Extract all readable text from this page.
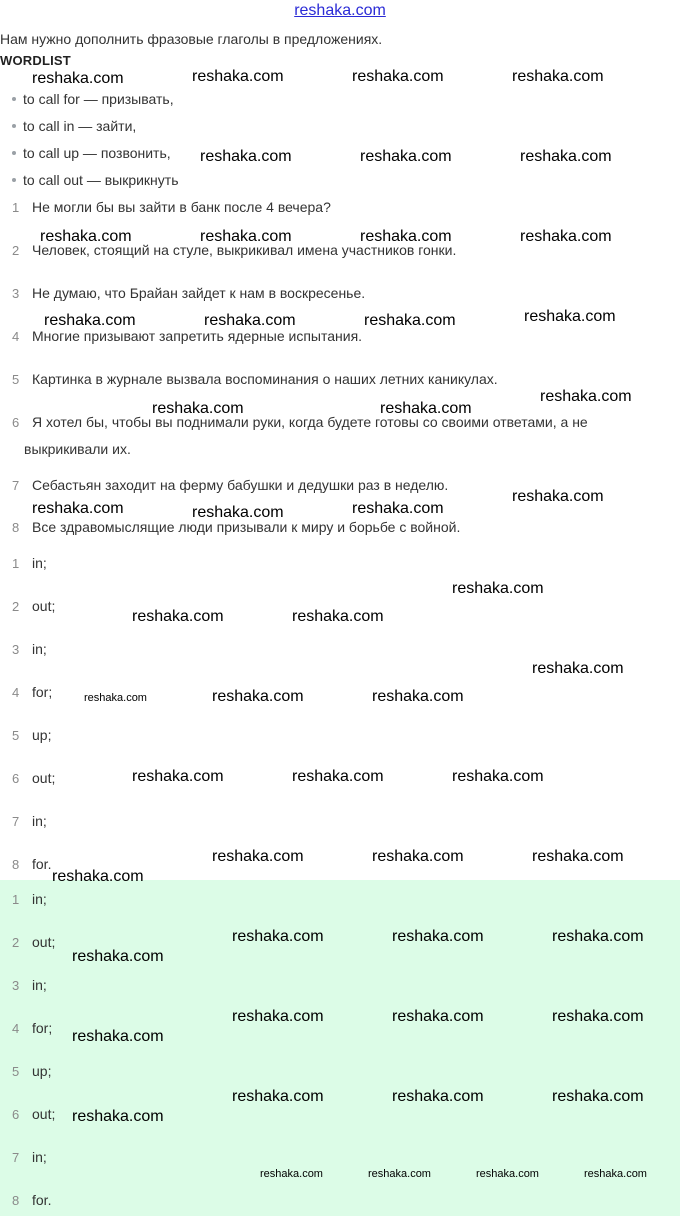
reshaka.com
Нам нужно дополнить фразовые глаголы в предложениях.
WORDLIST
to call for — призывать,
to call in — зайти,
to call up — позвонить,
to call out — выкрикнуть
1 Не могли бы вы зайти в банк после 4 вечера?
2 Человек, стоящий на стуле, выкрикивал имена участников гонки.
3 Не думаю, что Брайан зайдет к нам в воскресенье.
4 Многие призывают запретить ядерные испытания.
5 Картинка в журнале вызвала воспоминания о наших летних каникулах.
6 Я хотел бы, чтобы вы поднимали руки, когда будете готовы со своими ответами, а не
выкрикивали их.
7 Себастьян заходит на ферму бабушки и дедушки раз в неделю.
8 Все здравомыслящие люди призывали к миру и борьбе с войной.
1 in;
2 out;
3 in;
4 for;
5 up;
6 out;
7 in;
8 for.
1 in;
2 out;
3 in;
4 for;
5 up;
6 out;
7 in;
8 for.
reshaka.com	reshaka.com	reshaka.com	reshaka.com
reshaka.com	reshaka.com	reshaka.com
reshaka.com	reshaka.com	reshaka.com	reshaka.com
reshaka.com	reshaka.com	reshaka.com	reshaka.com
reshaka.com
reshaka.com	reshaka.com
reshaka.com	reshaka.com	reshaka.com
reshaka.com
reshaka.com
reshaka.com	reshaka.com
reshaka.com
reshaka.com	reshaka.com
reshaka.com	reshaka.com	reshaka.com
reshaka.com	reshaka.com	reshaka.com
reshaka.com
reshaka.com	reshaka.com	reshaka.com
reshaka.com
reshaka.com	reshaka.com	reshaka.com
reshaka.com
reshaka.com	reshaka.com	reshaka.com
reshaka.com
reshaka.com
reshaka.com	reshaka.com	reshaka.com	reshaka.com
